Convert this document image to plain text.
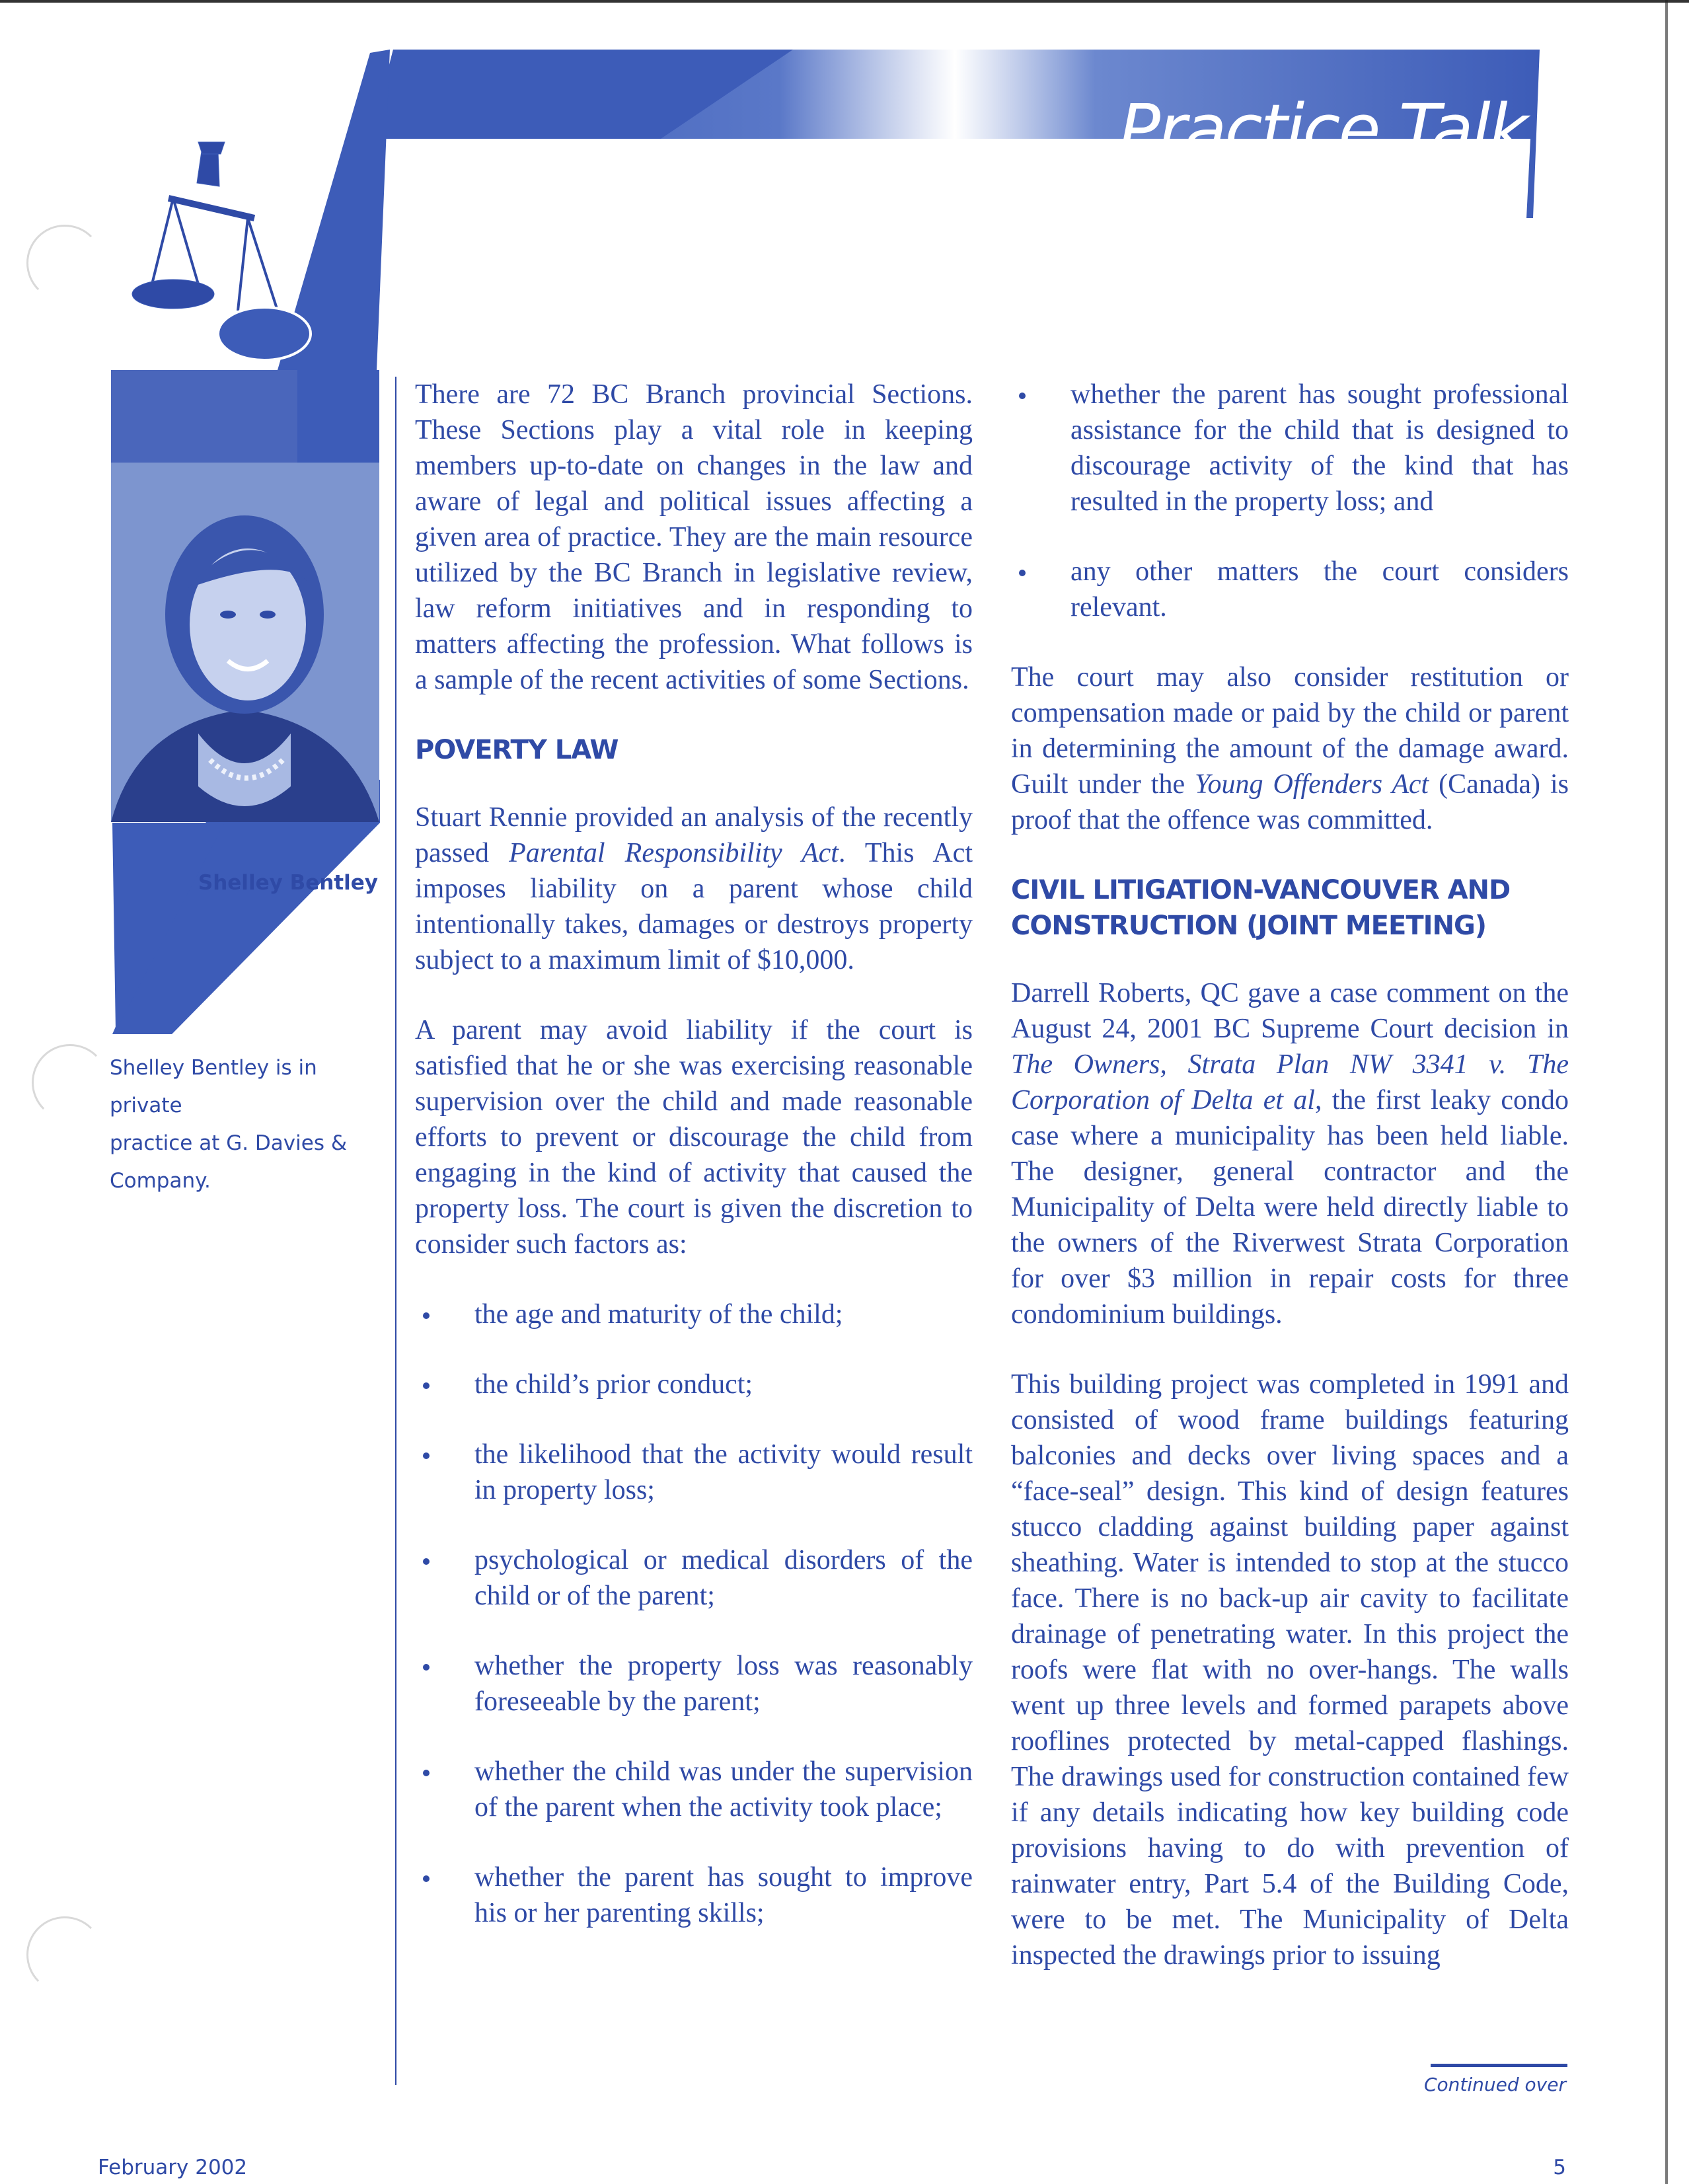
Practice Talk
Shelley Bentley
Shelley Bentley is in private
practice at G. Davies &
Company.

There are 72 BC Branch provincial Sections. These Sections play a vital role in keeping members up-to-date on changes in the law and aware of legal and political issues affecting a given area of practice. They are the main resource utilized by the BC Branch in legislative review, law reform initiatives and in responding to matters affecting the profession. What follows is a sample of the recent activities of some Sections.

POVERTY LAW

Stuart Rennie provided an analysis of the recently passed Parental Responsibility Act. This Act imposes liability on a parent whose child intentionally takes, damages or destroys property subject to a maximum limit of $10,000.

A parent may avoid liability if the court is satisfied that he or she was exercising reasonable supervision over the child and made reasonable efforts to prevent or discourage the child from engaging in the kind of activity that caused the property loss. The court is given the discretion to consider such factors as:

the age and maturity of the child;
the child’s prior conduct;
the likelihood that the activity would result in property loss;
psychological or medical disorders of the child or of the parent;
whether the property loss was reasonably foreseeable by the parent;
whether the child was under the supervision of the parent when the activity took place;
whether the parent has sought to improve his or her parenting skills;
whether the parent has sought professional assistance for the child that is designed to discourage activity of the kind that has resulted in the property loss; and
any other matters the court considers relevant.

The court may also consider restitution or compensation made or paid by the child or parent in determining the amount of the damage award. Guilt under the Young Offenders Act (Canada) is proof that the offence was committed.

CIVIL LITIGATION-VANCOUVER AND CONSTRUCTION (JOINT MEETING)

Darrell Roberts, QC gave a case comment on the August 24, 2001 BC Supreme Court decision in The Owners, Strata Plan NW 3341 v. The Corporation of Delta et al, the first leaky condo case where a municipality has been held liable. The designer, general contractor and the Municipality of Delta were held directly liable to the owners of the Riverwest Strata Corporation for over $3 million in repair costs for three condominium buildings.

This building project was completed in 1991 and consisted of wood frame buildings featuring balconies and decks over living spaces and a “face-seal” design. This kind of design features stucco cladding against building paper against sheathing. Water is intended to stop at the stucco face. There is no back-up air cavity to facilitate drainage of penetrating water. In this project the roofs were flat with no over-hangs. The walls went up three levels and formed parapets above rooflines protected by metal-capped flashings. The drawings used for construction contained few if any details indicating how key building code provisions having to do with prevention of rainwater entry, Part 5.4 of the Building Code, were to be met. The Municipality of Delta inspected the drawings prior to issuing

Continued over
February 2002	5
